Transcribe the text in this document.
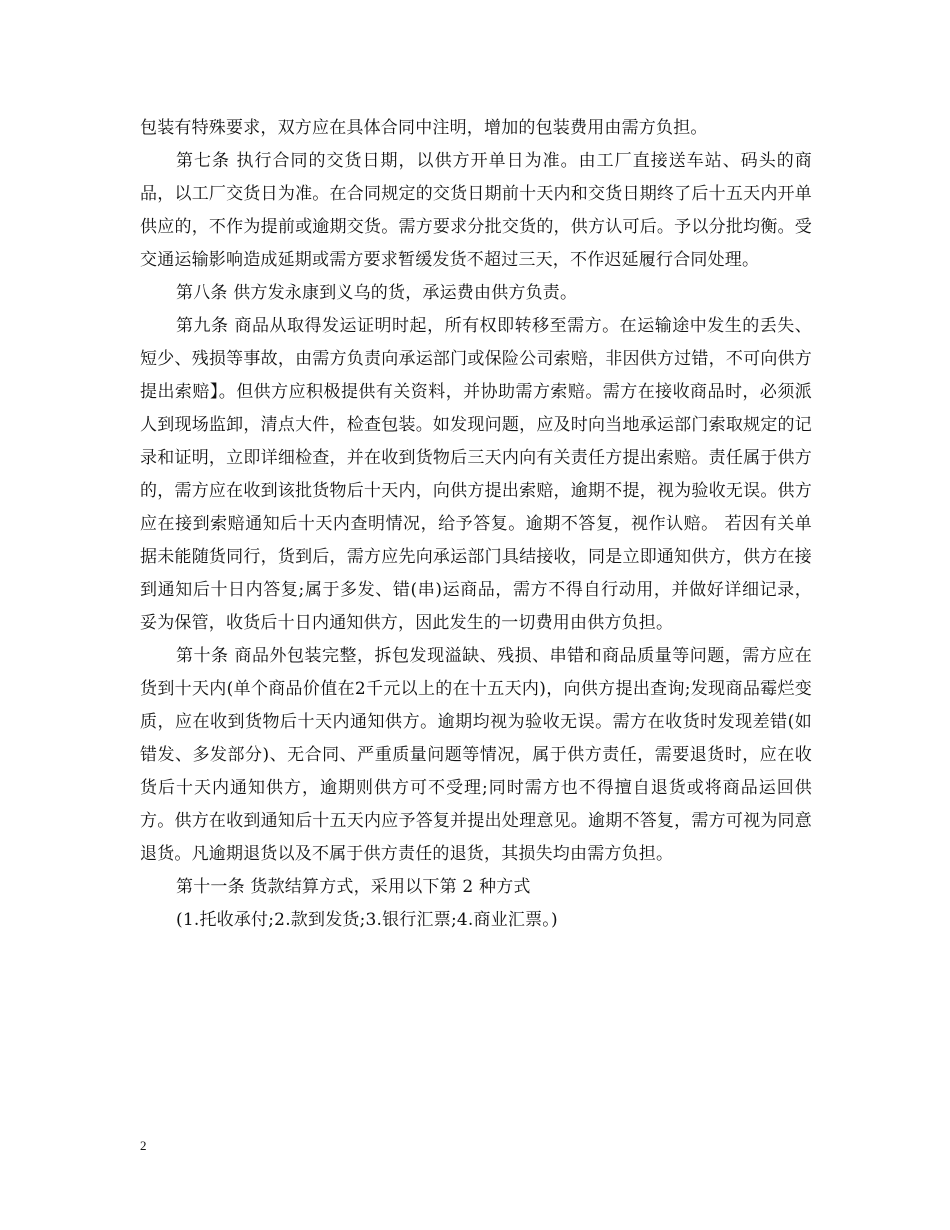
包装有特殊要求，双方应在具体合同中注明，增加的包装费用由需方负担。

第七条 执行合同的交货日期，以供方开单日为准。由工厂直接送车站、码头的商品，以工厂交货日为准。在合同规定的交货日期前十天内和交货日期终了后十五天内开单供应的，不作为提前或逾期交货。需方要求分批交货的，供方认可后。予以分批均衡。受交通运输影响造成延期或需方要求暂缓发货不超过三天，不作迟延履行合同处理。

第八条 供方发永康到义乌的货，承运费由供方负责。

第九条 商品从取得发运证明时起，所有权即转移至需方。在运输途中发生的丢失、短少、残损等事故，由需方负责向承运部门或保险公司索赔，非因供方过错，不可向供方提出索赔】。但供方应积极提供有关资料，并协助需方索赔。需方在接收商品时，必须派人到现场监卸，清点大件，检查包装。如发现问题，应及时向当地承运部门索取规定的记录和证明，立即详细检查，并在收到货物后三天内向有关责任方提出索赔。责任属于供方的，需方应在收到该批货物后十天内，向供方提出索赔，逾期不提，视为验收无误。供方应在接到索赔通知后十天内查明情况，给予答复。逾期不答复，视作认赔。 若因有关单据未能随货同行，货到后，需方应先向承运部门具结接收，同是立即通知供方，供方在接到通知后十日内答复;属于多发、错(串)运商品，需方不得自行动用，并做好详细记录，妥为保管，收货后十日内通知供方，因此发生的一切费用由供方负担。

第十条 商品外包装完整，拆包发现溢缺、残损、串错和商品质量等问题，需方应在货到十天内(单个商品价值在2千元以上的在十五天内)，向供方提出查询;发现商品霉烂变质，应在收到货物后十天内通知供方。逾期均视为验收无误。需方在收货时发现差错(如错发、多发部分)、无合同、严重质量问题等情况，属于供方责任，需要退货时，应在收货后十天内通知供方，逾期则供方可不受理;同时需方也不得擅自退货或将商品运回供方。供方在收到通知后十五天内应予答复并提出处理意见。逾期不答复，需方可视为同意退货。凡逾期退货以及不属于供方责任的退货，其损失均由需方负担。

第十一条 货款结算方式，采用以下第 2 种方式

(1.托收承付;2.款到发货;3.银行汇票;4.商业汇票。)

2
